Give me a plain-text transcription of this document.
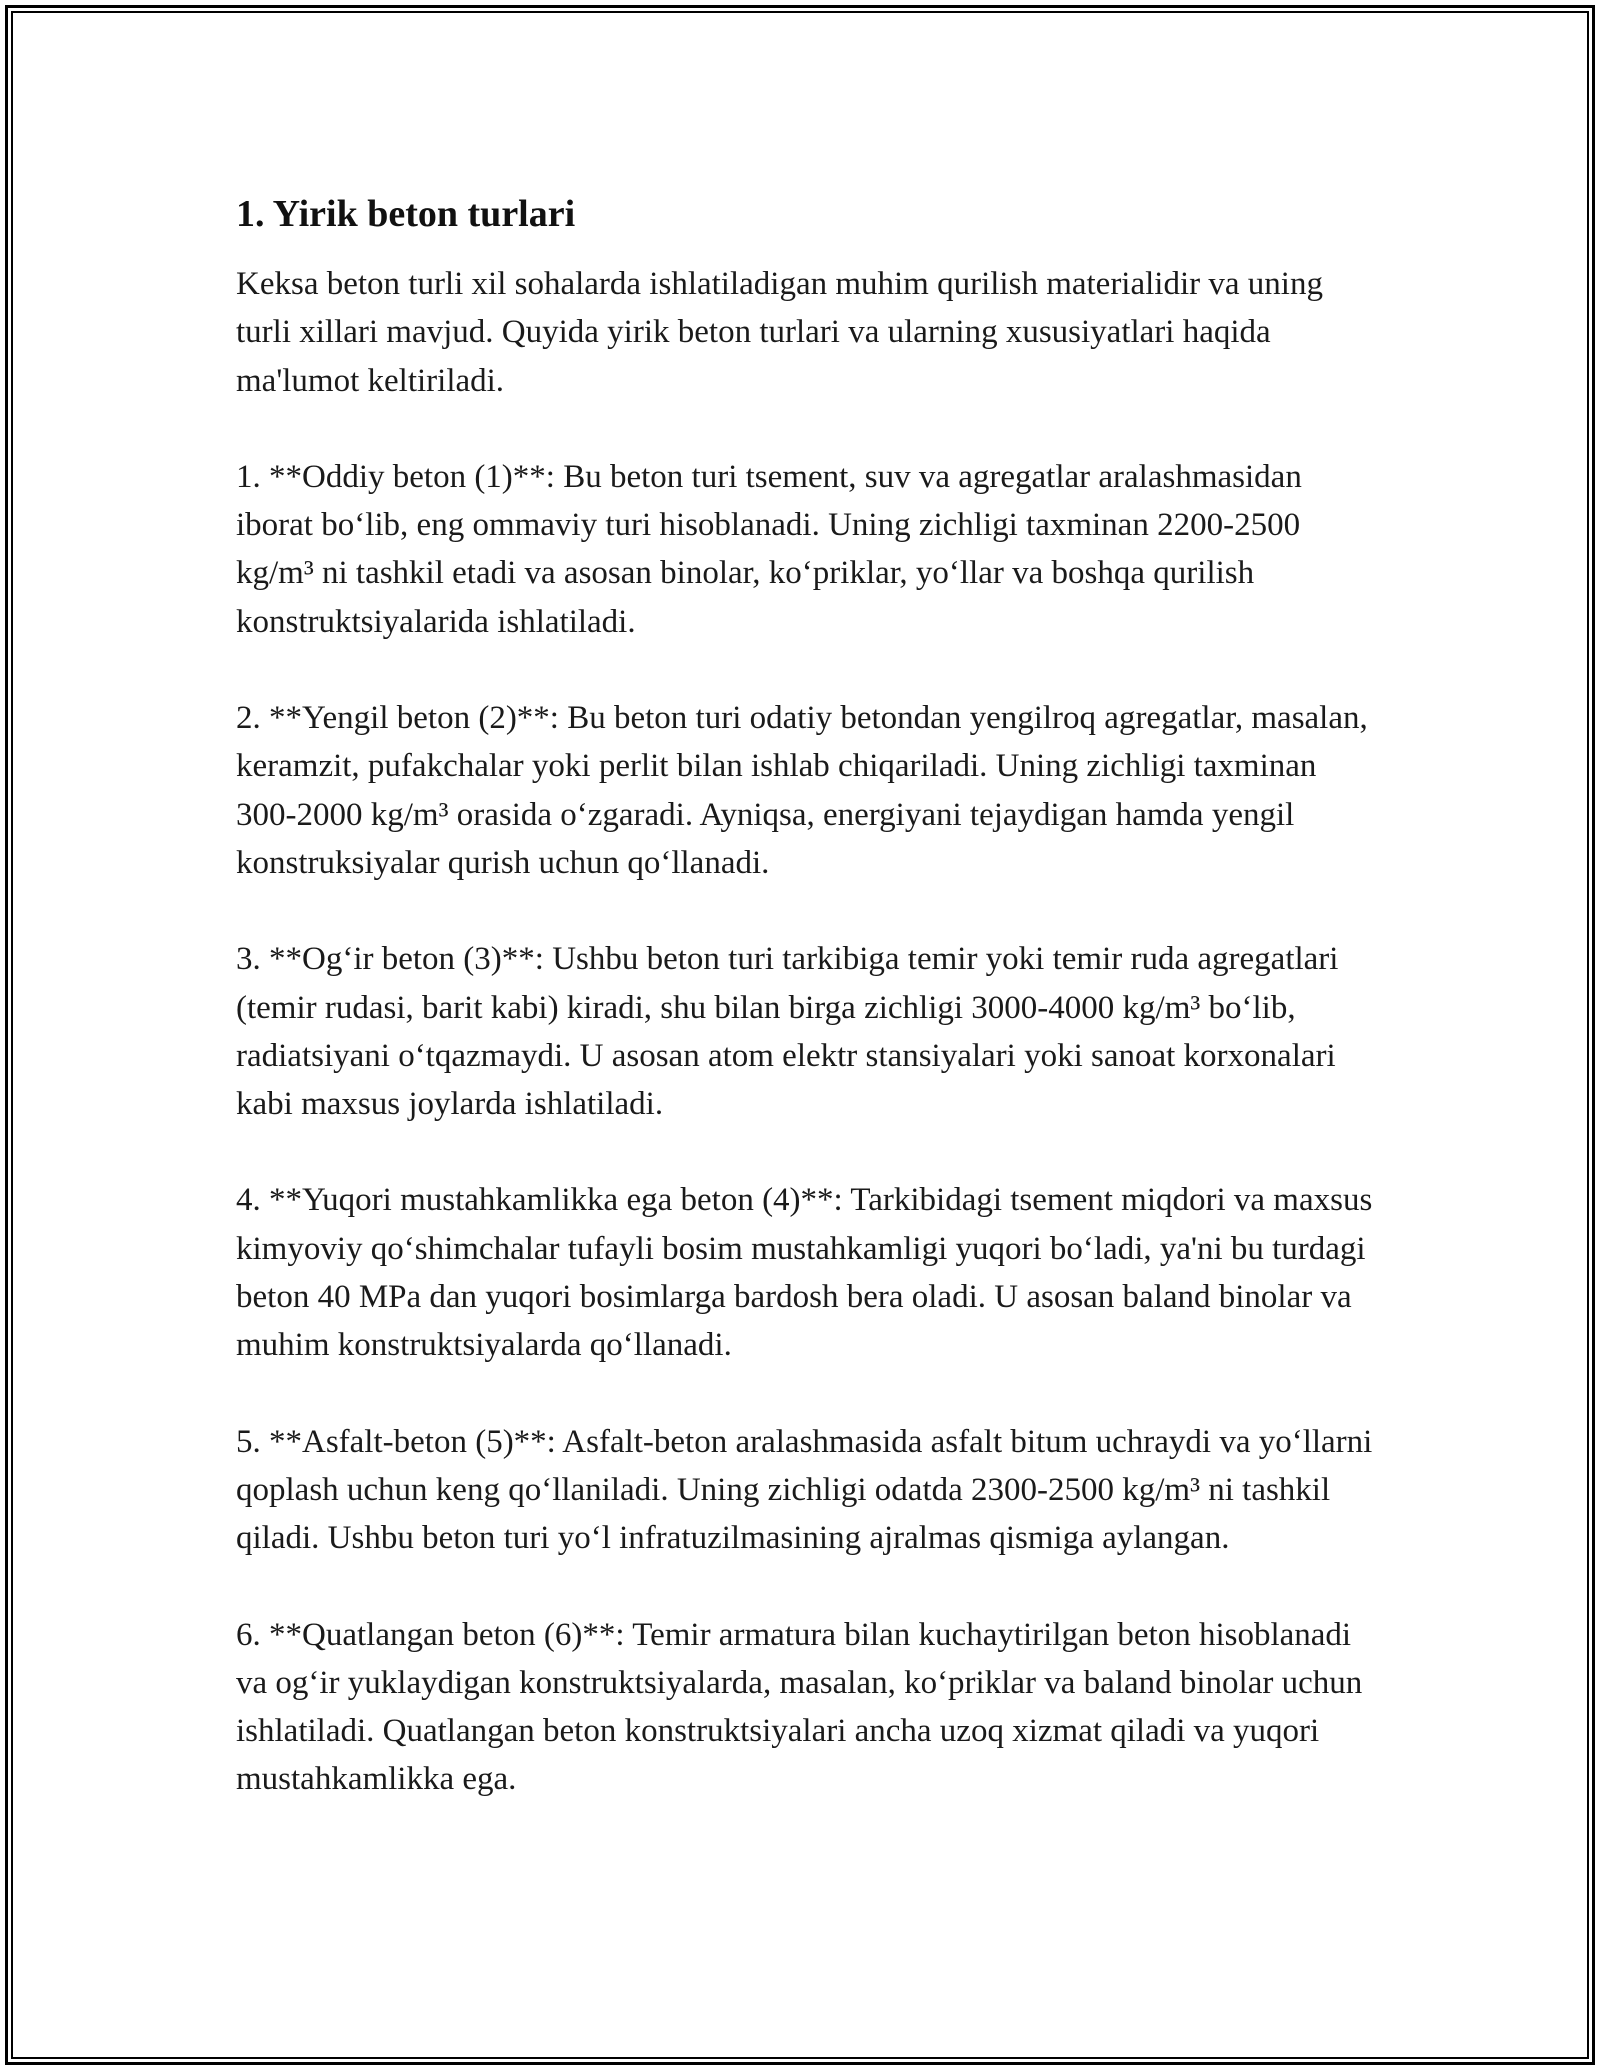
1. Yirik beton turlari

Keksa beton turli xil sohalarda ishlatiladigan muhim qurilish materialidir va uning turli xillari mavjud. Quyida yirik beton turlari va ularning xususiyatlari haqida ma'lumot keltiriladi.

1. **Oddiy beton (1)**: Bu beton turi tsement, suv va agregatlar aralashmasidan iborat bo‘lib, eng ommaviy turi hisoblanadi. Uning zichligi taxminan 2200-2500 kg/m³ ni tashkil etadi va asosan binolar, ko‘priklar, yo‘llar va boshqa qurilish konstruktsiyalarida ishlatiladi.

2. **Yengil beton (2)**: Bu beton turi odatiy betondan yengilroq agregatlar, masalan, keramzit, pufakchalar yoki perlit bilan ishlab chiqariladi. Uning zichligi taxminan 300-2000 kg/m³ orasida o‘zgaradi. Ayniqsa, energiyani tejaydigan hamda yengil konstruksiyalar qurish uchun qo‘llanadi.

3. **Og‘ir beton (3)**: Ushbu beton turi tarkibiga temir yoki temir ruda agregatlari (temir rudasi, barit kabi) kiradi, shu bilan birga zichligi 3000-4000 kg/m³ bo‘lib, radiatsiyani o‘tqazmaydi. U asosan atom elektr stansiyalari yoki sanoat korxonalari kabi maxsus joylarda ishlatiladi.

4. **Yuqori mustahkamlikka ega beton (4)**: Tarkibidagi tsement miqdori va maxsus kimyoviy qo‘shimchalar tufayli bosim mustahkamligi yuqori bo‘ladi, ya'ni bu turdagi beton 40 MPa dan yuqori bosimlarga bardosh bera oladi. U asosan baland binolar va muhim konstruktsiyalarda qo‘llanadi.

5. **Asfalt-beton (5)**: Asfalt-beton aralashmasida asfalt bitum uchraydi va yo‘llarni qoplash uchun keng qo‘llaniladi. Uning zichligi odatda 2300-2500 kg/m³ ni tashkil qiladi. Ushbu beton turi yo‘l infratuzilmasining ajralmas qismiga aylangan.

6. **Quatlangan beton (6)**: Temir armatura bilan kuchaytirilgan beton hisoblanadi va og‘ir yuklaydigan konstruktsiyalarda, masalan, ko‘priklar va baland binolar uchun ishlatiladi. Quatlangan beton konstruktsiyalari ancha uzoq xizmat qiladi va yuqori mustahkamlikka ega.
